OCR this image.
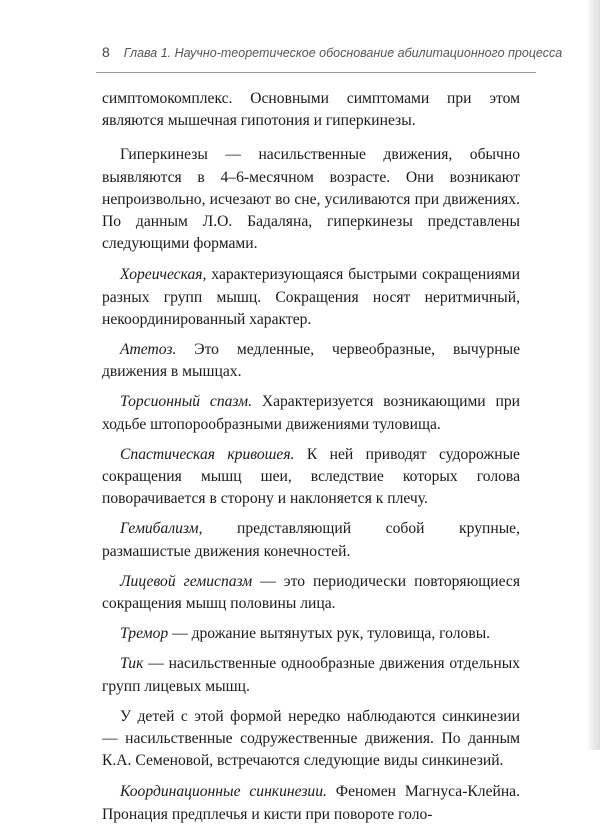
8 Глава 1. Научно-теоретическое обоснование абилитационного процесса

симптомокомплекс. Основными симптомами при этом являются мышечная гипотония и гиперкинезы.

Гиперкинезы — насильственные движения, обычно выявляются в 4–6-месячном возрасте. Они возникают непроизвольно, исчезают во сне, усиливаются при движениях. По данным Л.О. Бадаляна, гиперкинезы представлены следующими формами.

Хореическая, характеризующаяся быстрыми сокращениями разных групп мышц. Сокращения носят неритмичный, некоординированный характер.

Атетоз. Это медленные, червеобразные, вычурные движения в мышцах.

Торсионный спазм. Характеризуется возникающими при ходьбе штопорообразными движениями туловища.

Спастическая кривошея. К ней приводят судорожные сокращения мышц шеи, вследствие которых голова поворачивается в сторону и наклоняется к плечу.

Гемибализм, представляющий собой крупные, размашистые движения конечностей.

Лицевой гемиспазм — это периодически повторяющиеся сокращения мышц половины лица.

Тремор — дрожание вытянутых рук, туловища, головы.

Тик — насильственные однообразные движения отдельных групп лицевых мышц.

У детей с этой формой нередко наблюдаются синкинезии — насильственные содружественные движения. По данным К.А. Семеновой, встречаются следующие виды синкинезий.

Координационные синкинезии. Феномен Магнуса-Клейна. Пронация предплечья и кисти при повороте голо-
